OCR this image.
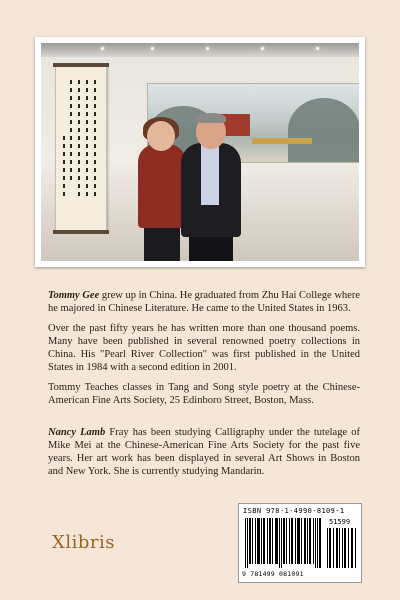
Tommy Gee grew up in China. He graduated from Zhu Hai College where he majored in Chinese Literature. He came to the United States in 1963.

Over the past fifty years he has written more than one thousand poems. Many have been published in several renowned poetry collections in China. His "Pearl River Collection" was first published in the United States in 1984 with a second edition in 2001.

Tommy Teaches classes in Tang and Song style poetry at the Chinese-American Fine Arts Society, 25 Edinboro Street, Boston, Mass.

Nancy Lamb Fray has been studying Calligraphy under the tutelage of Mike Mei at the Chinese-American Fine Arts Society for the past five years. Her art work has been displayed in several Art Shows in Boston and New York. She is currently studying Mandarin.

Xlibris
ISBN 978-1-4990-8109-1
51599
9 781499 081091
